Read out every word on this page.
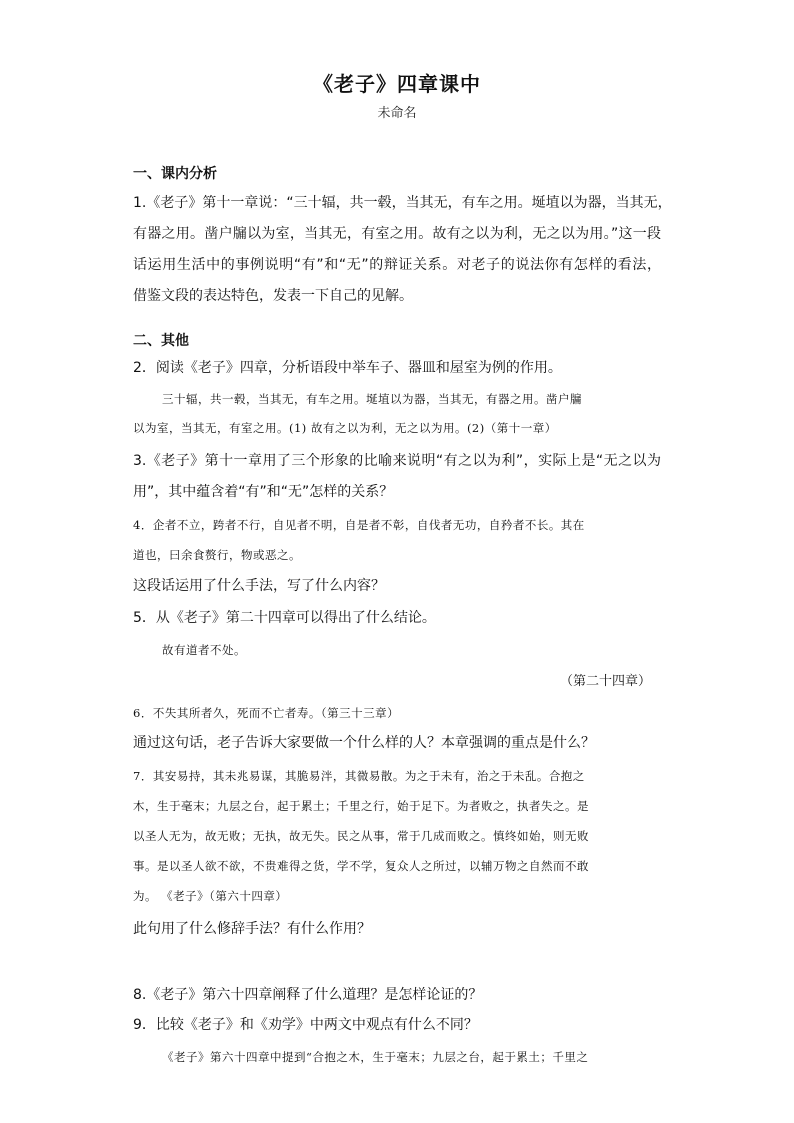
《老子》四章课中
未命名
一、课内分析
1.《老子》第十一章说：“三十辐，共一毂，当其无，有车之用。埏埴以为器，当其无，
有器之用。凿户牖以为室，当其无，有室之用。故有之以为利，无之以为用。”这一段
话运用生活中的事例说明“有”和“无”的辩证关系。对老子的说法你有怎样的看法，
借鉴文段的表达特色，发表一下自己的见解。
二、其他
2．阅读《老子》四章，分析语段中举车子、器皿和屋室为例的作用。
三十辐，共一毂，当其无，有车之用。埏埴以为器，当其无，有器之用。凿户牖
以为室，当其无，有室之用。(1) 故有之以为利，无之以为用。(2)（第十一章）
3.《老子》第十一章用了三个形象的比喻来说明“有之以为利”，实际上是“无之以为
用”，其中蕴含着“有”和“无”怎样的关系？
4．企者不立，跨者不行，自见者不明，自是者不彰，自伐者无功，自矜者不长。其在
道也，曰余食赘行，物或恶之。
这段话运用了什么手法，写了什么内容？
5．从《老子》第二十四章可以得出了什么结论。
故有道者不处。
（第二十四章）
6．不失其所者久，死而不亡者寿。（第三十三章）
通过这句话，老子告诉大家要做一个什么样的人？本章强调的重点是什么？
7．其安易持，其未兆易谋，其脆易泮，其微易散。为之于未有，治之于未乱。合抱之
木，生于毫末；九层之台，起于累土；千里之行，始于足下。为者败之，执者失之。是
以圣人无为，故无败；无执，故无失。民之从事，常于几成而败之。慎终如始，则无败
事。是以圣人欲不欲，不贵难得之货，学不学，复众人之所过，以辅万物之自然而不敢
为。 《老子》（第六十四章）
此句用了什么修辞手法？有什么作用？
8.《老子》第六十四章阐释了什么道理？是怎样论证的？
9．比较《老子》和《劝学》中两文中观点有什么不同？
《老子》第六十四章中提到“合抱之木，生于毫末；九层之台，起于累土；千里之
